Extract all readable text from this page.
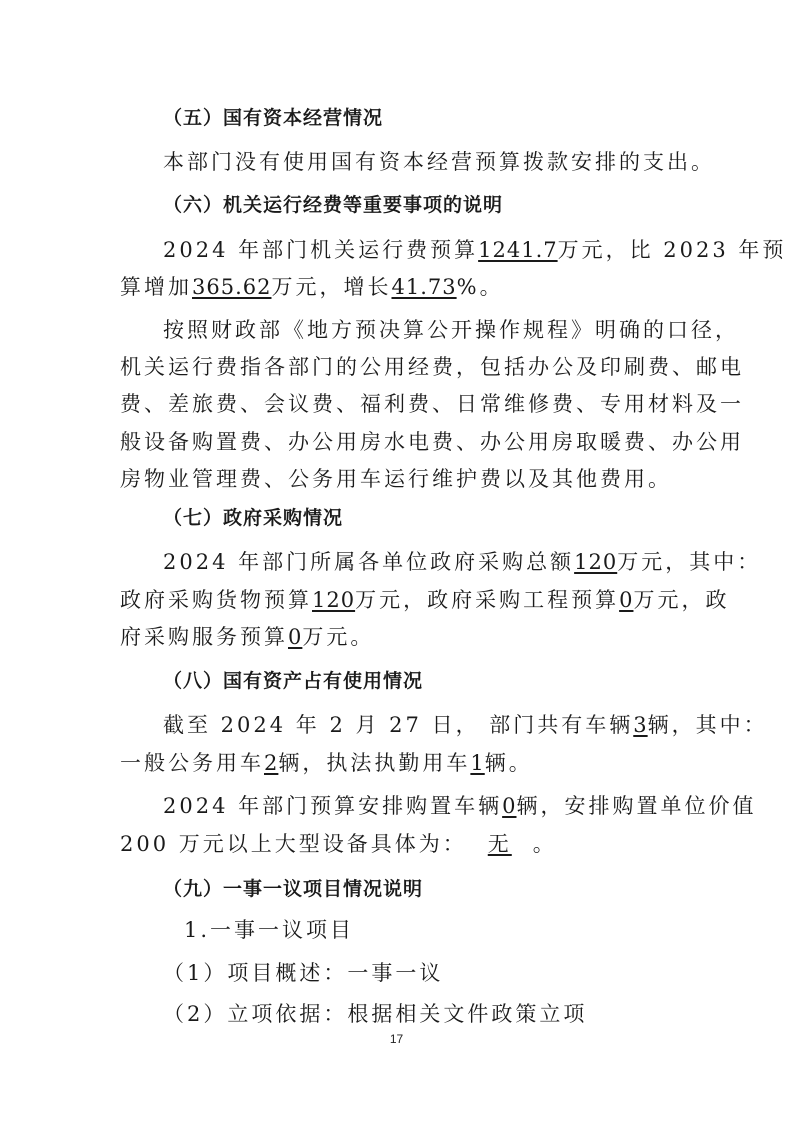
（五）国有资本经营情况
本部门没有使用国有资本经营预算拨款安排的支出。
（六）机关运行经费等重要事项的说明
2024 年部门机关运行费预算1241.7万元，比 2023 年预
算增加365.62万元，增长41.73%。
按照财政部《地方预决算公开操作规程》明确的口径，
机关运行费指各部门的公用经费，包括办公及印刷费、邮电
费、差旅费、会议费、福利费、日常维修费、专用材料及一
般设备购置费、办公用房水电费、办公用房取暖费、办公用
房物业管理费、公务用车运行维护费以及其他费用。
（七）政府采购情况
2024 年部门所属各单位政府采购总额120万元，其中：
政府采购货物预算120万元，政府采购工程预算0万元，政
府采购服务预算0万元。
（八）国有资产占有使用情况
截至 2024 年 2 月 27 日， 部门共有车辆3辆，其中：
一般公务用车2辆，执法执勤用车1辆。
2024 年部门预算安排购置车辆0辆，安排购置单位价值
200 万元以上大型设备具体为： 无 。
（九）一事一议项目情况说明
1.一事一议项目
（1）项目概述：一事一议
（2）立项依据：根据相关文件政策立项
17
